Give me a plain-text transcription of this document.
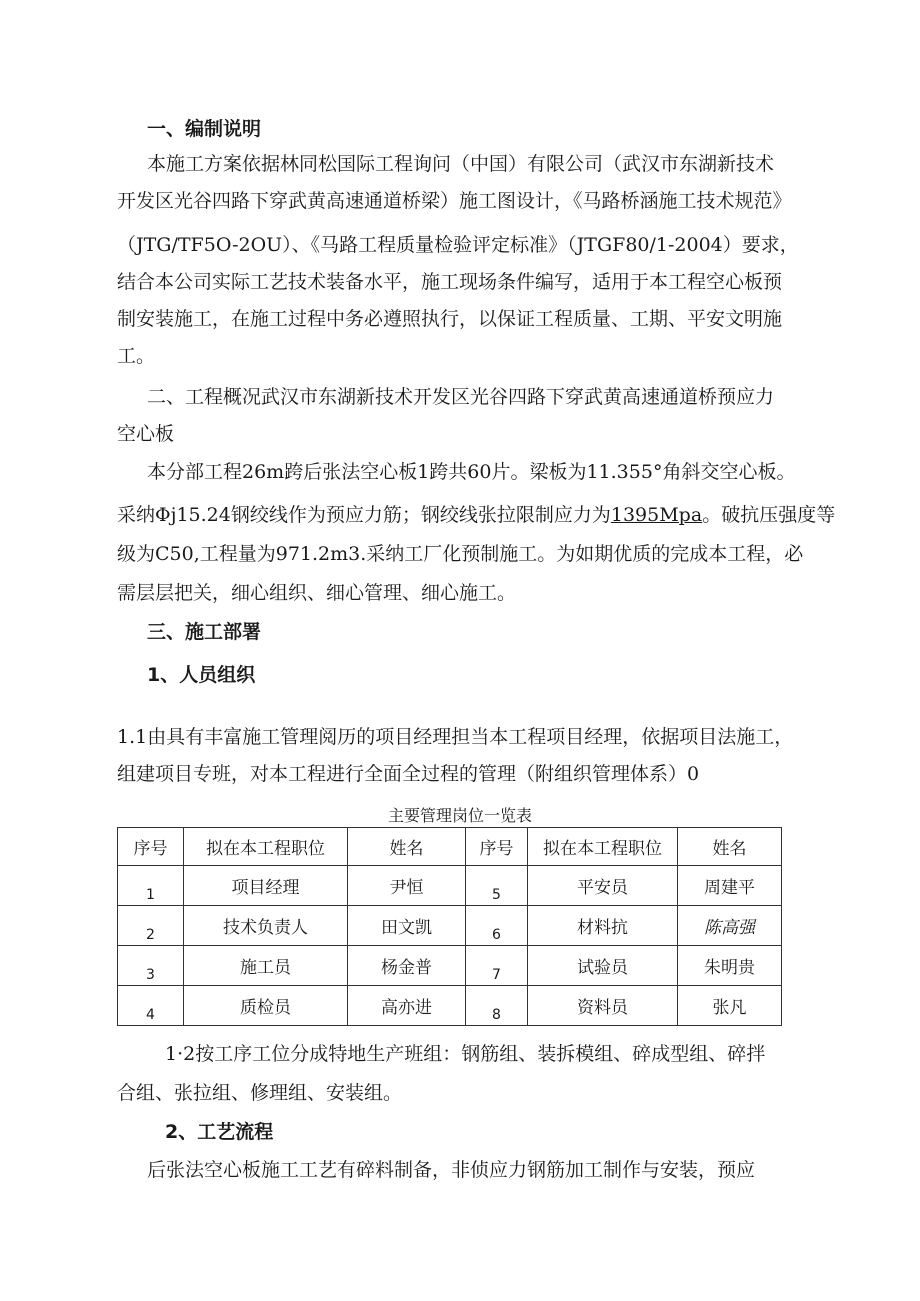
一、编制说明
本施工方案依据林同松国际工程询问（中国）有限公司（武汉市东湖新技术
开发区光谷四路下穿武黄高速通道桥梁）施工图设计，《马路桥涵施工技术规范》
（JTG/TF5O-2OU）、《马路工程质量检验评定标准》（JTGF80/1-2004）要求，
结合本公司实际工艺技术装备水平，施工现场条件编写，适用于本工程空心板预
制安装施工，在施工过程中务必遵照执行，以保证工程质量、工期、平安文明施
工。
二、工程概况武汉市东湖新技术开发区光谷四路下穿武黄高速通道桥预应力
空心板
本分部工程26m跨后张法空心板1跨共60片。梁板为11.355°角斜交空心板。
采纳Φj15.24钢绞线作为预应力筋；钢绞线张拉限制应力为1395Mpa。破抗压强度等
级为C50,工程量为971.2m3.采纳工厂化预制施工。为如期优质的完成本工程，必
需层层把关，细心组织、细心管理、细心施工。
三、施工部署
1、人员组织
1.1由具有丰富施工管理阅历的项目经理担当本工程项目经理，依据项目法施工，
组建项目专班，对本工程进行全面全过程的管理（附组织管理体系）0
主要管理岗位一览表
序号	拟在本工程职位	姓名	序号	拟在本工程职位	姓名
1	项目经理	尹恒	5	平安员	周建平
2	技术负责人	田文凯	6	材料抗	陈高强
3	施工员	杨金普	7	试验员	朱明贵
4	质检员	高亦进	8	资料员	张凡
1·2按工序工位分成特地生产班组：钢筋组、装拆模组、碎成型组、碎拌
合组、张拉组、修理组、安装组。
2、工艺流程
后张法空心板施工工艺有碎料制备，非侦应力钢筋加工制作与安装，预应
